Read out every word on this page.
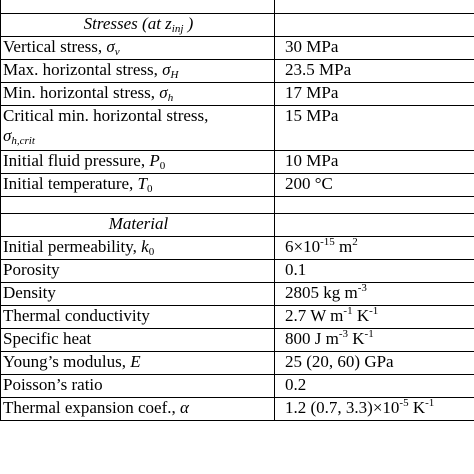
Stresses (at $z_{inj}$ )	
Vertical stress, $\sigma_v$	30 MPa
Max. horizontal stress, $\sigma_H$	23.5 MPa
Min. horizontal stress, $\sigma_h$	17 MPa
Critical min. horizontal stress,
$\sigma_{h,crit}$	15 MPa
Initial fluid pressure, $P_0$	10 MPa
Initial temperature, $T_0$	200 °C

Material	
Initial permeability, $k_0$	$6\times 10^{-15}$ $m^2$
Porosity	0.1
Density	2805 kg $m^{-3}$
Thermal conductivity	2.7 W $m^{-1}$ $K^{-1}$
Specific heat	800 J $m^{-3}$ $K^{-1}$
Young’s modulus, E	25 (20, 60) GPa
Poisson’s ratio	0.2
Thermal expansion coef., α	1.2 (0.7, $3.3)\times 10^{-5}$ $K^{-1}$
